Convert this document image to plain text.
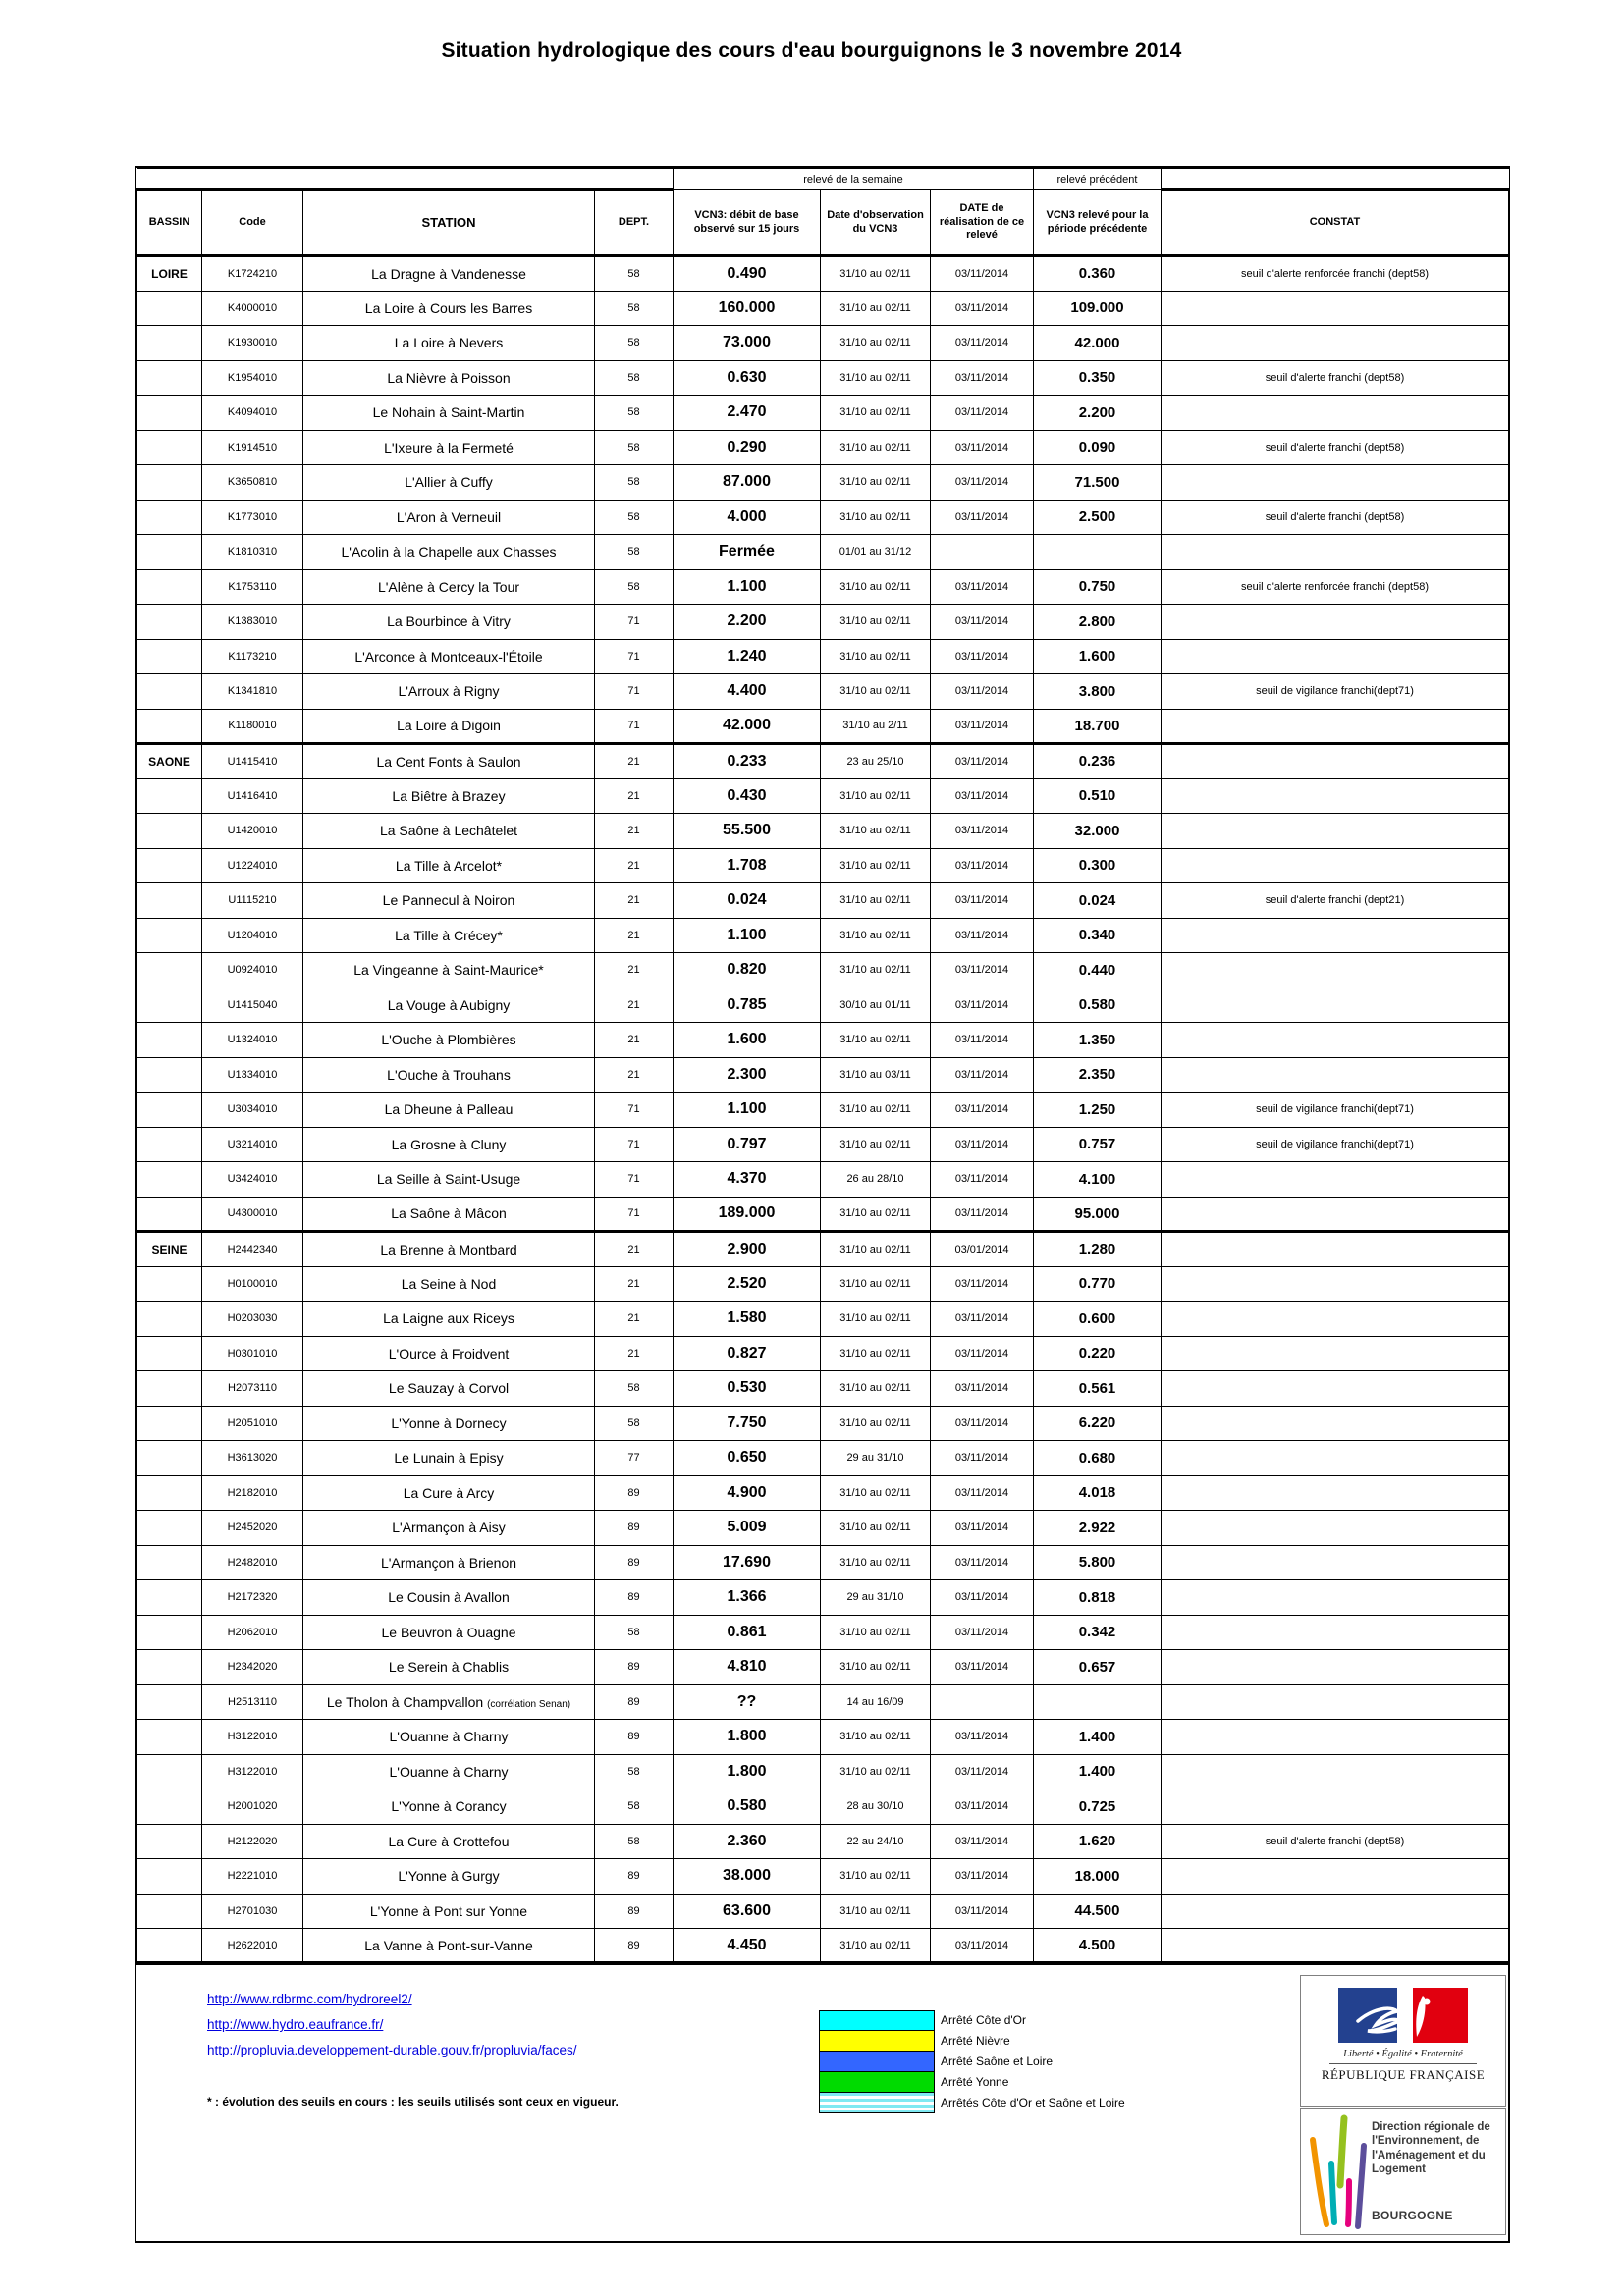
Situation hydrologique des cours d'eau bourguignons le 3 novembre 2014
				relevé de la semaine			relevé précédent	
BASSIN	Code	STATION	DEPT.	VCN3: débit de base observé sur 15 jours	Date d'observation du VCN3	DATE de réalisation de ce relevé	VCN3 relevé pour la période précédente	CONSTAT
LOIRE	K1724210	La Dragne à Vandenesse	58	0.490	31/10 au 02/11	03/11/2014	0.360	seuil d'alerte renforcée franchi (dept58)
	K4000010	La Loire à Cours les Barres	58	160.000	31/10 au 02/11	03/11/2014	109.000	
	K1930010	La Loire à Nevers	58	73.000	31/10 au 02/11	03/11/2014	42.000	
	K1954010	La Nièvre à Poisson	58	0.630	31/10 au 02/11	03/11/2014	0.350	seuil d'alerte franchi (dept58)
	K4094010	Le Nohain à Saint-Martin	58	2.470	31/10 au 02/11	03/11/2014	2.200	
	K1914510	L'Ixeure à la Fermeté	58	0.290	31/10 au 02/11	03/11/2014	0.090	seuil d'alerte franchi (dept58)
	K3650810	L'Allier à Cuffy	58	87.000	31/10 au 02/11	03/11/2014	71.500	
	K1773010	L'Aron à Verneuil	58	4.000	31/10 au 02/11	03/11/2014	2.500	seuil d'alerte franchi (dept58)
	K1810310	L'Acolin à la Chapelle aux Chasses	58	Fermée	01/01 au 31/12			
	K1753110	L'Alène à Cercy la Tour	58	1.100	31/10 au 02/11	03/11/2014	0.750	seuil d'alerte renforcée franchi (dept58)
	K1383010	La Bourbince à Vitry	71	2.200	31/10 au 02/11	03/11/2014	2.800	
	K1173210	L'Arconce à Montceaux-l'Étoile	71	1.240	31/10 au 02/11	03/11/2014	1.600	
	K1341810	L'Arroux à Rigny	71	4.400	31/10 au 02/11	03/11/2014	3.800	seuil de vigilance franchi(dept71)
	K1180010	La Loire à Digoin	71	42.000	31/10 au 2/11	03/11/2014	18.700	
SAONE	U1415410	La Cent Fonts à Saulon	21	0.233	23 au 25/10	03/11/2014	0.236	
	U1416410	La Biêtre à Brazey	21	0.430	31/10 au 02/11	03/11/2014	0.510	
	U1420010	La Saône à Lechâtelet	21	55.500	31/10 au 02/11	03/11/2014	32.000	
	U1224010	La Tille à Arcelot*	21	1.708	31/10 au 02/11	03/11/2014	0.300	
	U1115210	Le Pannecul à Noiron	21	0.024	31/10 au 02/11	03/11/2014	0.024	seuil d'alerte franchi (dept21)
	U1204010	La Tille à Crécey*	21	1.100	31/10 au 02/11	03/11/2014	0.340	
	U0924010	La Vingeanne à Saint-Maurice*	21	0.820	31/10 au 02/11	03/11/2014	0.440	
	U1415040	La Vouge à Aubigny	21	0.785	30/10 au 01/11	03/11/2014	0.580	
	U1324010	L'Ouche à Plombières	21	1.600	31/10 au 02/11	03/11/2014	1.350	
	U1334010	L'Ouche à Trouhans	21	2.300	31/10 au 03/11	03/11/2014	2.350	
	U3034010	La Dheune à Palleau	71	1.100	31/10 au 02/11	03/11/2014	1.250	seuil de vigilance franchi(dept71)
	U3214010	La Grosne à Cluny	71	0.797	31/10 au 02/11	03/11/2014	0.757	seuil de vigilance franchi(dept71)
	U3424010	La Seille à Saint-Usuge	71	4.370	26 au 28/10	03/11/2014	4.100	
	U4300010	La Saône à Mâcon	71	189.000	31/10 au 02/11	03/11/2014	95.000	
SEINE	H2442340	La Brenne à Montbard	21	2.900	31/10 au 02/11	03/01/2014	1.280	
	H0100010	La Seine à Nod	21	2.520	31/10 au 02/11	03/11/2014	0.770	
	H0203030	La Laigne aux Riceys	21	1.580	31/10 au 02/11	03/11/2014	0.600	
	H0301010	L'Ource à Froidvent	21	0.827	31/10 au 02/11	03/11/2014	0.220	
	H2073110	Le Sauzay à Corvol	58	0.530	31/10 au 02/11	03/11/2014	0.561	
	H2051010	L'Yonne à Dornecy	58	7.750	31/10 au 02/11	03/11/2014	6.220	
	H3613020	Le Lunain à Episy	77	0.650	29 au 31/10	03/11/2014	0.680	
	H2182010	La Cure à Arcy	89	4.900	31/10 au 02/11	03/11/2014	4.018	
	H2452020	L'Armançon à Aisy	89	5.009	31/10 au 02/11	03/11/2014	2.922	
	H2482010	L'Armançon à Brienon	89	17.690	31/10 au 02/11	03/11/2014	5.800	
	H2172320	Le Cousin à Avallon	89	1.366	29 au 31/10	03/11/2014	0.818	
	H2062010	Le Beuvron à Ouagne	58	0.861	31/10 au 02/11	03/11/2014	0.342	
	H2342020	Le Serein à Chablis	89	4.810	31/10 au 02/11	03/11/2014	0.657	
	H2513110	Le Tholon à Champvallon (corrélation Senan)	89	??	14 au 16/09			
	H3122010	L'Ouanne à Charny	89	1.800	31/10 au 02/11	03/11/2014	1.400	
	H3122010	L'Ouanne à Charny	58	1.800	31/10 au 02/11	03/11/2014	1.400	
	H2001020	L'Yonne à Corancy	58	0.580	28 au 30/10	03/11/2014	0.725	
	H2122020	La Cure à Crottefou	58	2.360	22 au 24/10	03/11/2014	1.620	seuil d'alerte franchi (dept58)
	H2221010	L'Yonne à Gurgy	89	38.000	31/10 au 02/11	03/11/2014	18.000	
	H2701030	L'Yonne à Pont sur Yonne	89	63.600	31/10 au 02/11	03/11/2014	44.500	
	H2622010	La Vanne à Pont-sur-Vanne	89	4.450	31/10 au 02/11	03/11/2014	4.500	
http://www.rdbrmc.com/hydroreel2/
http://www.hydro.eaufrance.fr/
http://propluvia.developpement-durable.gouv.fr/propluvia/faces/
* : évolution des seuils en cours : les seuils utilisés sont ceux en vigueur.
Arrêté Côte d'Or
Arrêté Nièvre
Arrêté Saône et Loire
Arrêté Yonne
Arrêtés Côte d'Or et Saône et Loire
Liberté • Égalité • Fraternité
RÉPUBLIQUE FRANÇAISE
Direction régionale de l'Environnement, de l'Aménagement et du Logement
BOURGOGNE
